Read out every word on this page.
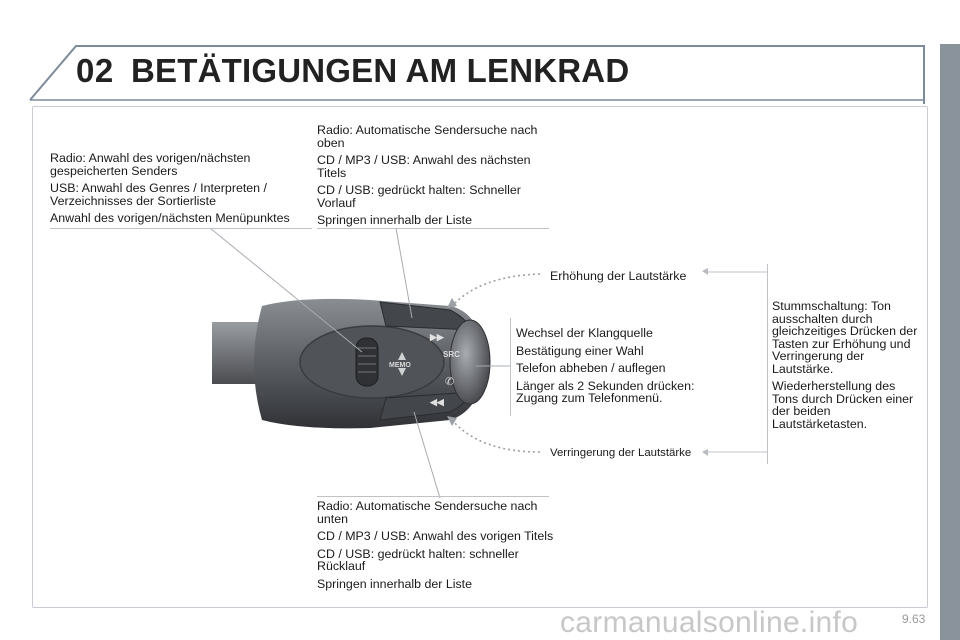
02 BETÄTIGUNGEN AM LENKRAD
MEMO
▶▶
◀◀
SRC
✆

Radio: Anwahl des vorigen/nächsten gespeicherten Senders

USB: Anwahl des Genres / Interpreten / Verzeichnisses der Sortierliste

Anwahl des vorigen/nächsten Menüpunktes

Radio: Automatische Sendersuche nach oben

CD / MP3 / USB: Anwahl des nächsten Titels

CD / USB: gedrückt halten: Schneller Vorlauf

Springen innerhalb der Liste

Erhöhung der Lautstärke
Verringerung der Lautstärke

Wechsel der Klangquelle

Bestätigung einer Wahl

Telefon abheben / auflegen

Länger als 2 Sekunden drücken: Zugang zum Telefonmenü.

Stummschaltung: Ton ausschalten durch gleichzeitiges Drücken der Tasten zur Erhöhung und Verringerung der Lautstärke.

Wiederherstellung des Tons durch Drücken einer der beiden Lautstärketasten.

Radio: Automatische Sendersuche nach unten

CD / MP3 / USB: Anwahl des vorigen Titels

CD / USB: gedrückt halten: schneller Rücklauf

Springen innerhalb der Liste

carmanualsonline.info	9.63
